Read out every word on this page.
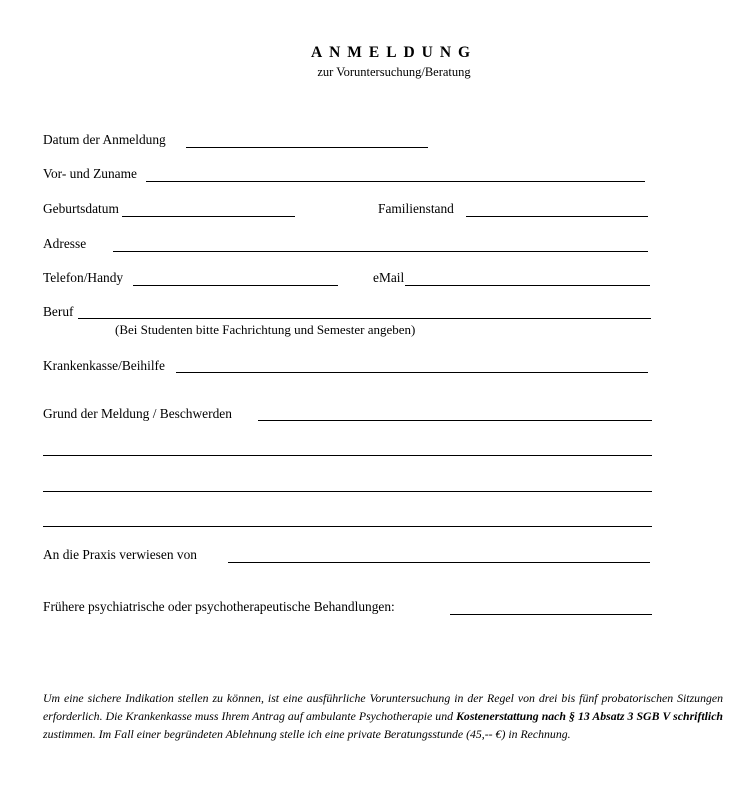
ANMELDUNG
zur Voruntersuchung/Beratung
Datum der Anmeldung
Vor- und Zuname
Geburtsdatum	Familienstand
Adresse
Telefon/Handy	eMail
Beruf
(Bei Studenten bitte Fachrichtung und Semester angeben)
Krankenkasse/Beihilfe
Grund der Meldung / Beschwerden
An die Praxis verwiesen von
Frühere psychiatrische oder psychotherapeutische Behandlungen:

Um eine sichere Indikation stellen zu können, ist eine ausführliche Voruntersuchung in der Regel von drei bis fünf probatorischen Sitzungen erforderlich. Die Krankenkasse muss Ihrem Antrag auf ambulante Psychotherapie und Kostenerstattung nach § 13 Absatz 3 SGB V schriftlich zustimmen. Im Fall einer begründeten Ablehnung stelle ich eine private Beratungsstunde (45,-- €) in Rechnung.
